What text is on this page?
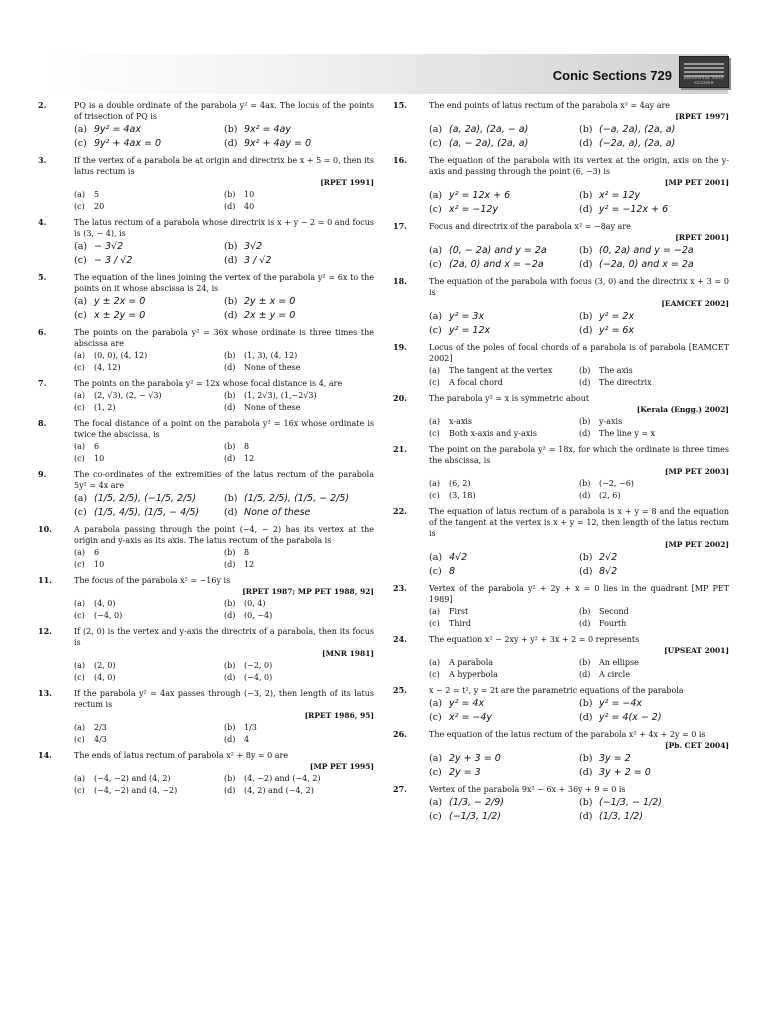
Conic Sections 729	UNIVERSAL SELF SCORER
2.	PQ is a double ordinate of the parabola y² = 4ax. The locus of the points of trisection of PQ is
(a) 9y² = 4ax	(b) 9x² = 4ay
(c) 9y² + 4ax = 0	(d) 9x² + 4ay = 0
3.	If the vertex of a parabola be at origin and directrix be x + 5 = 0, then its latus rectum is
[RPET 1991]
(a)	5	(b)	10
(c)	20	(d)	40
4.	The latus rectum of a parabola whose directrix is x + y − 2 = 0 and focus is (3, − 4), is
(a) − 3√2	(b) 3√2
(c) − 3 / √2	(d) 3 / √2
5.	The equation of the lines joining the vertex of the parabola y² = 6x to the points on it whose abscissa is 24, is
(a) y ± 2x = 0	(b) 2y ± x = 0
(c) x ± 2y = 0	(d) 2x ± y = 0
6.	The points on the parabola y² = 36x whose ordinate is three times the abscissa are
(a)	(0, 0), (4, 12)	(b)	(1, 3), (4, 12)
(c)	(4, 12)	(d)	None of these
7.	The points on the parabola y² = 12x whose focal distance is 4, are
(a)	(2, √3), (2, − √3)	(b)	(1, 2√3), (1,−2√3)
(c)	(1, 2)	(d)	None of these
8.	The focal distance of a point on the parabola y² = 16x whose ordinate is twice the abscissa, is
(a)	6	(b)	8
(c)	10	(d)	12
9.	The co-ordinates of the extremities of the latus rectum of the parabola 5y² = 4x are
(a) (1/5, 2/5), (−1/5, 2/5)	(b) (1/5, 2/5), (1/5, − 2/5)
(c) (1/5, 4/5), (1/5, − 4/5)	(d) None of these
10.	A parabola passing through the point (−4, − 2) has its vertex at the origin and y-axis as its axis. The latus rectum of the parabola is
(a)	6	(b)	8
(c)	10	(d)	12
11.	The focus of the parabola x² = −16y is
[RPET 1987; MP PET 1988, 92]
(a)	(4, 0)	(b)	(0, 4)
(c)	(−4, 0)	(d)	(0, −4)
12.	If (2, 0) is the vertex and y-axis the directrix of a parabola, then its focus is
[MNR 1981]
(a)	(2, 0)	(b)	(−2, 0)
(c)	(4, 0)	(d)	(−4, 0)
13.	If the parabola y² = 4ax passes through (−3, 2), then length of its latus rectum is
[RPET 1986, 95]
(a)	2/3	(b)	1/3
(c)	4/3	(d)	4
14.	The ends of latus rectum of parabola x² + 8y = 0 are
[MP PET 1995]
(a)	(−4, −2) and (4, 2)	(b)	(4, −2) and (−4, 2)
(c)	(−4, −2) and (4, −2)	(d)	(4, 2) and (−4, 2)
15.	The end points of latus rectum of the parabola x² = 4ay are
[RPET 1997]
(a) (a, 2a), (2a, − a)	(b) (−a, 2a), (2a, a)
(c) (a, − 2a), (2a, a)	(d) (−2a, a), (2a, a)
16.	The equation of the parabola with its vertex at the origin, axis on the y-axis and passing through the point (6, −3) is
[MP PET 2001]
(a) y² = 12x + 6	(b) x² = 12y
(c) x² = −12y	(d) y² = −12x + 6
17.	Focus and directrix of the parabola x² = −8ay are
[RPET 2001]
(a) (0, − 2a) and y = 2a	(b) (0, 2a) and y = −2a
(c) (2a, 0) and x = −2a	(d) (−2a, 0) and x = 2a
18.	The equation of the parabola with focus (3, 0) and the directrix x + 3 = 0 is
[EAMCET 2002]
(a) y² = 3x	(b) y² = 2x
(c) y² = 12x	(d) y² = 6x
19.	Locus of the poles of focal chords of a parabola is of parabola [EAMCET 2002]
(a)	The tangent at the vertex	(b)	The axis
(c)	A focal chord	(d)	The directrix
20.	The parabola y² = x is symmetric about
[Kerala (Engg.) 2002]
(a)	x-axis	(b)	y-axis
(c)	Both x-axis and y-axis	(d)	The line y = x
21.	The point on the parabola y² = 18x, for which the ordinate is three times the abscissa, is
[MP PET 2003]
(a)	(6, 2)	(b)	(−2, −6)
(c)	(3, 18)	(d)	(2, 6)
22.	The equation of latus rectum of a parabola is x + y = 8 and the equation of the tangent at the vertex is x + y = 12, then length of the latus rectum is
[MP PET 2002]
(a) 4√2	(b) 2√2
(c) 8	(d) 8√2
23.	Vertex of the parabola y² + 2y + x = 0 lies in the quadrant [MP PET 1989]
(a)	First	(b)	Second
(c)	Third	(d)	Fourth
24.	The equation x² − 2xy + y² + 3x + 2 = 0 represents
[UPSEAT 2001]
(a)	A parabola	(b)	An ellipse
(c)	A hyperbola	(d)	A circle
25.	x − 2 = t², y = 2t are the parametric equations of the parabola
(a) y² = 4x	(b) y² = −4x
(c) x² = −4y	(d) y² = 4(x − 2)
26.	The equation of the latus rectum of the parabola x² + 4x + 2y = 0 is
[Pb. CET 2004]
(a) 2y + 3 = 0	(b) 3y = 2
(c) 2y = 3	(d) 3y + 2 = 0
27.	Vertex of the parabola 9x² − 6x + 36y + 9 = 0 is
(a) (1/3, − 2/9)	(b) (−1/3, − 1/2)
(c) (−1/3, 1/2)	(d) (1/3, 1/2)
